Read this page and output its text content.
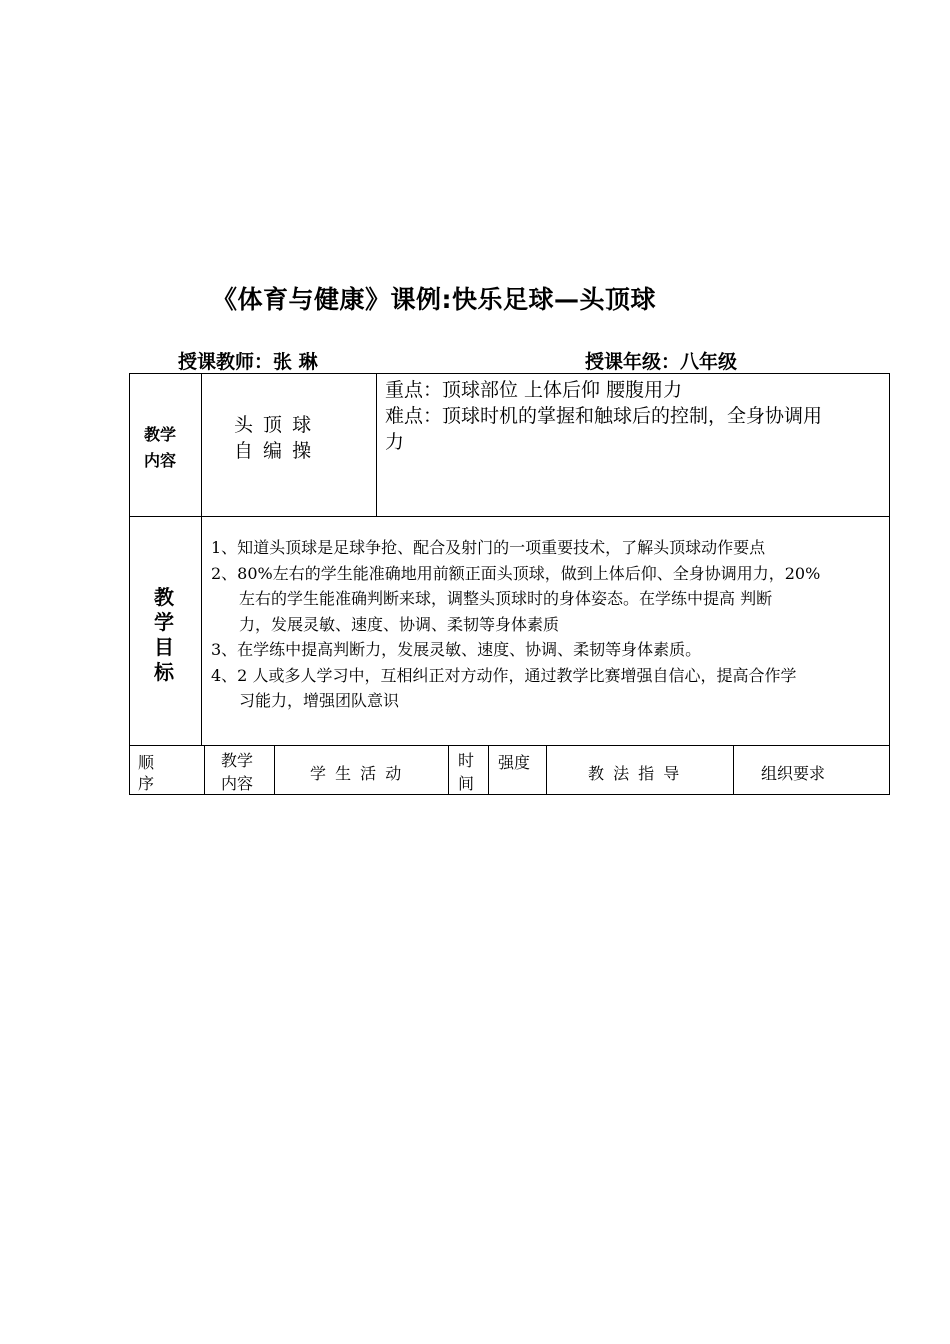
《体育与健康》课例:快乐足球—头顶球
授课教师：张 琳	授课年级：八年级
教学
内容
头 顶 球
自 编 操
重点：顶球部位 上体后仰 腰腹用力
难点：顶球时机的掌握和触球后的控制，全身协调用
力
教
学
目
标
1、知道头顶球是足球争抢、配合及射门的一项重要技术，了解头顶球动作要点
2、80%左右的学生能准确地用前额正面头顶球，做到上体后仰、全身协调用力，20%
左右的学生能准确判断来球，调整头顶球时的身体姿态。在学练中提高 判断
力，发展灵敏、速度、协调、柔韧等身体素质
3、在学练中提高判断力，发展灵敏、速度、协调、柔韧等身体素质。
4、2 人或多人学习中，互相纠正对方动作，通过教学比赛增强自信心，提高合作学
习能力，增强团队意识
顺
序
教学
内容
学 生 活 动
时
间
强度
教 法 指 导	组织要求
